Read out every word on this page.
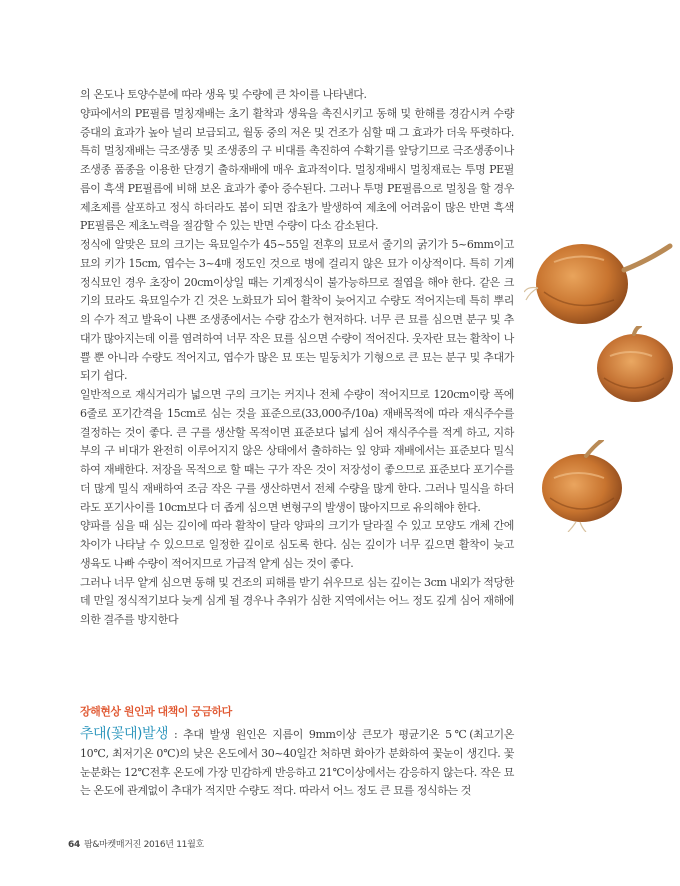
의 온도나 토양수분에 따라 생육 및 수량에 큰 차이를 나타낸다.

양파에서의 PE필름 멀칭재배는 초기 활착과 생육을 촉진시키고 동해 및 한해를 경감시켜 수량증대의 효과가 높아 널리 보급되고, 월동 중의 저온 및 건조가 심할 때 그 효과가 더욱 뚜렷하다. 특히 멀칭재배는 극조생종 및 조생종의 구 비대를 촉진하여 수확기를 앞당기므로 극조생종이나 조생종 품종을 이용한 단경기 출하재배에 매우 효과적이다. 멀칭재배시 멀칭재료는 투명 PE필름이 흑색 PE필름에 비해 보온 효과가 좋아 증수된다. 그러나 투명 PE필름으로 멀칭을 할 경우 제초제를 살포하고 정식 하더라도 봄이 되면 잡초가 발생하여 제초에 어려움이 많은 반면 흑색 PE필름은 제초노력을 절감할 수 있는 반면 수량이 다소 감소된다.

정식에 알맞은 묘의 크기는 육묘일수가 45~55일 전후의 묘로서 줄기의 굵기가 5~6mm이고 묘의 키가 15cm, 엽수는 3~4매 정도인 것으로 병에 걸리지 않은 묘가 이상적이다. 특히 기계 정식묘인 경우 초장이 20cm이상일 때는 기계정식이 불가능하므로 절엽을 해야 한다. 같은 크기의 묘라도 육묘일수가 긴 것은 노화묘가 되어 활착이 늦어지고 수량도 적어지는데 특히 뿌리의 수가 적고 발육이 나쁜 조생종에서는 수량 감소가 현저하다. 너무 큰 묘를 심으면 분구 및 추대가 많아지는데 이를 염려하여 너무 작은 묘를 심으면 수량이 적어진다. 웃자란 묘는 활착이 나쁠 뿐 아니라 수량도 적어지고, 엽수가 많은 묘 또는 밑둥치가 기형으로 큰 묘는 분구 및 추대가 되기 쉽다.

일반적으로 재식거리가 넓으면 구의 크기는 커지나 전체 수량이 적어지므로 120cm이랑 폭에 6줄로 포기간격을 15cm로 심는 것을 표준으로(33,000주/10a) 재배목적에 따라 재식주수를 결정하는 것이 좋다. 큰 구를 생산할 목적이면 표준보다 넓게 심어 재식주수를 적게 하고, 지하부의 구 비대가 완전히 이루어지지 않은 상태에서 출하하는 잎 양파 재배에서는 표준보다 밀식하여 재배한다. 저장을 목적으로 할 때는 구가 작은 것이 저장성이 좋으므로 표준보다 포기수를 더 많게 밀식 재배하여 조금 작은 구를 생산하면서 전체 수량을 많게 한다. 그러나 밀식을 하더라도 포기사이를 10cm보다 더 좁게 심으면 변형구의 발생이 많아지므로 유의해야 한다.

양파를 심을 때 심는 깊이에 따라 활착이 달라 양파의 크기가 달라질 수 있고 모양도 개체 간에 차이가 나타날 수 있으므로 일정한 깊이로 심도록 한다. 심는 깊이가 너무 깊으면 활착이 늦고 생육도 나빠 수량이 적어지므로 가급적 얕게 심는 것이 좋다.

그러나 너무 얕게 심으면 동해 및 건조의 피해를 받기 쉬우므로 심는 깊이는 3cm 내외가 적당한데 만일 정식적기보다 늦게 심게 될 경우나 추위가 심한 지역에서는 어느 정도 깊게 심어 재해에 의한 결주를 방지한다

장해현상 원인과 대책이 궁금하다
추대(꽃대)발생 : 추대 발생 원인은 지름이 9mm이상 큰모가 평균기온 5℃(최고기온 10℃, 최저기온 0℃)의 낮은 온도에서 30~40일간 처하면 화아가 분화하여 꽃눈이 생긴다. 꽃눈분화는 12℃전후 온도에 가장 민감하게 반응하고 21℃이상에서는 감응하지 않는다. 작은 묘는 온도에 관계없이 추대가 적지만 수량도 적다. 따라서 어느 정도 큰 묘를 정식하는 것
64 팜&마켓매거진 2016년 11월호
